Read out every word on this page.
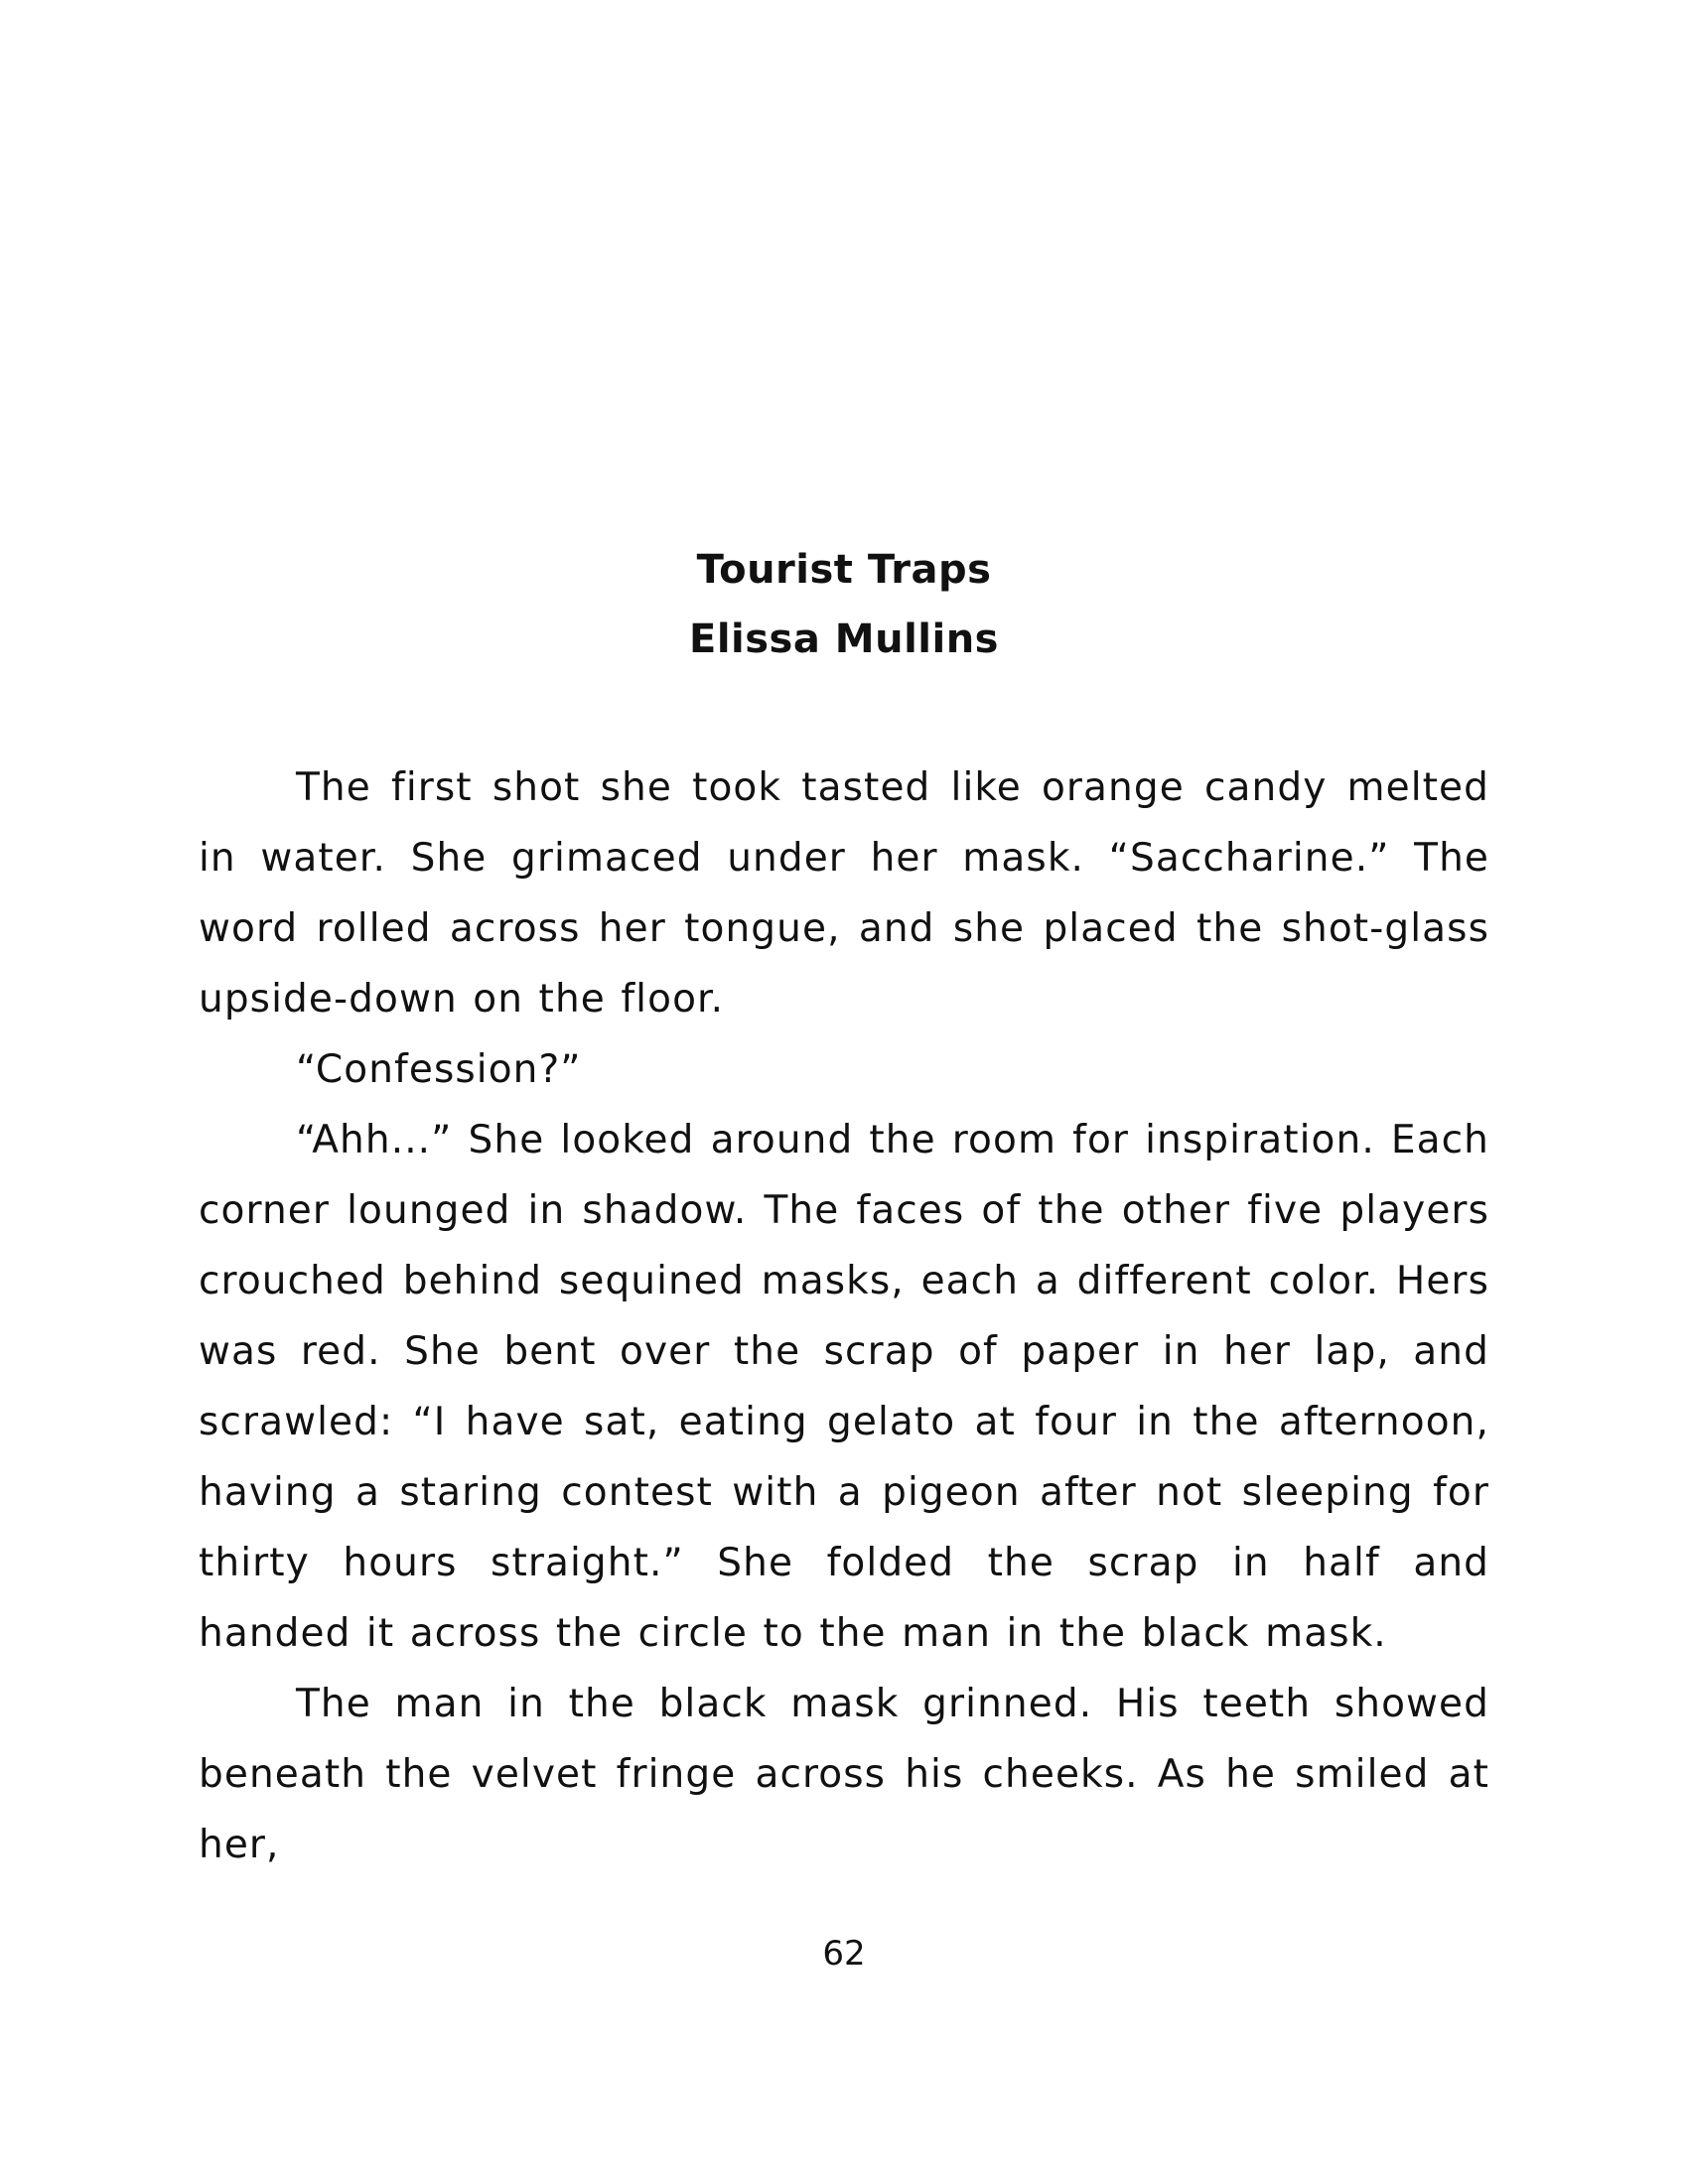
Tourist Traps
Elissa Mullins

The first shot she took tasted like orange candy melted in water. She grimaced under her mask. “Saccharine.” The word rolled across her tongue, and she placed the shot-glass upside-down on the floor.

“Confession?”

“Ahh...” She looked around the room for inspiration. Each corner lounged in shadow. The faces of the other five players crouched behind sequined masks, each a different color. Hers was red. She bent over the scrap of paper in her lap, and scrawled: “I have sat, eating gelato at four in the afternoon, having a staring contest with a pigeon after not sleeping for thirty hours straight.” She folded the scrap in half and handed it across the circle to the man in the black mask.

The man in the black mask grinned. His teeth showed beneath the velvet fringe across his cheeks. As he smiled at her,

62
